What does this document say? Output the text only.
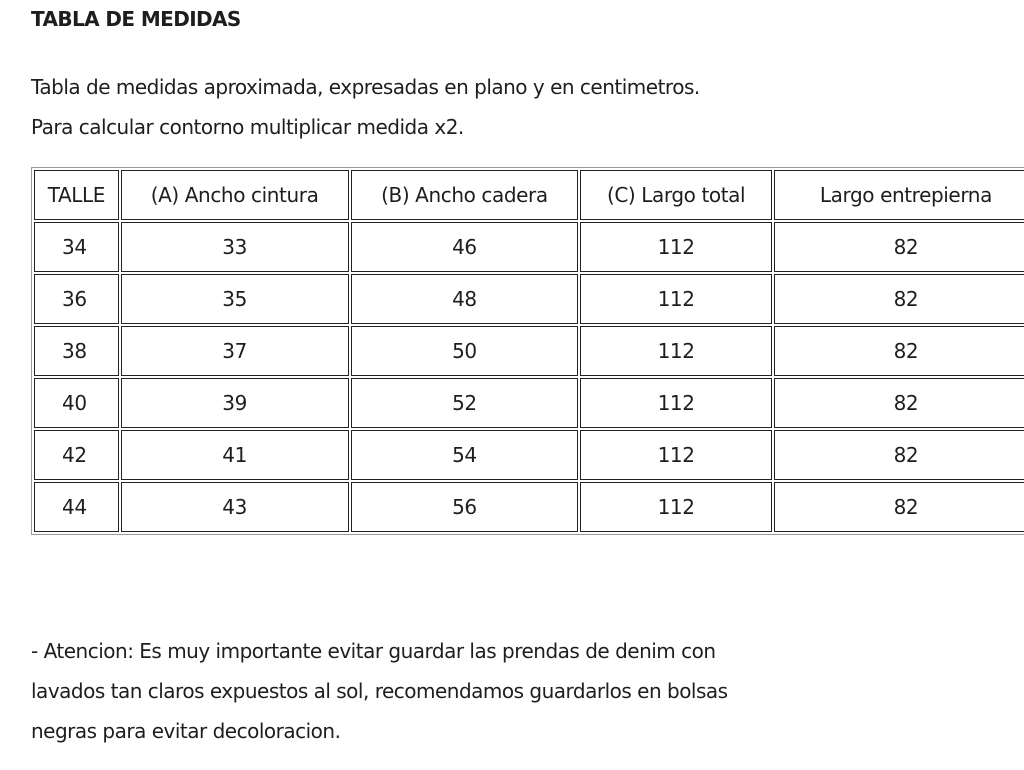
TABLA DE MEDIDAS

Tabla de medidas aproximada, expresadas en plano y en centimetros.

Para calcular contorno multiplicar medida x2.

TALLE	(A) Ancho cintura	(B) Ancho cadera	(C) Largo total	Largo entrepierna
34	33	46	112	82
36	35	48	112	82
38	37	50	112	82
40	39	52	112	82
42	41	54	112	82
44	43	56	112	82

- Atencion: Es muy importante evitar guardar las prendas de denim con

lavados tan claros expuestos al sol, recomendamos guardarlos en bolsas

negras para evitar decoloracion.
